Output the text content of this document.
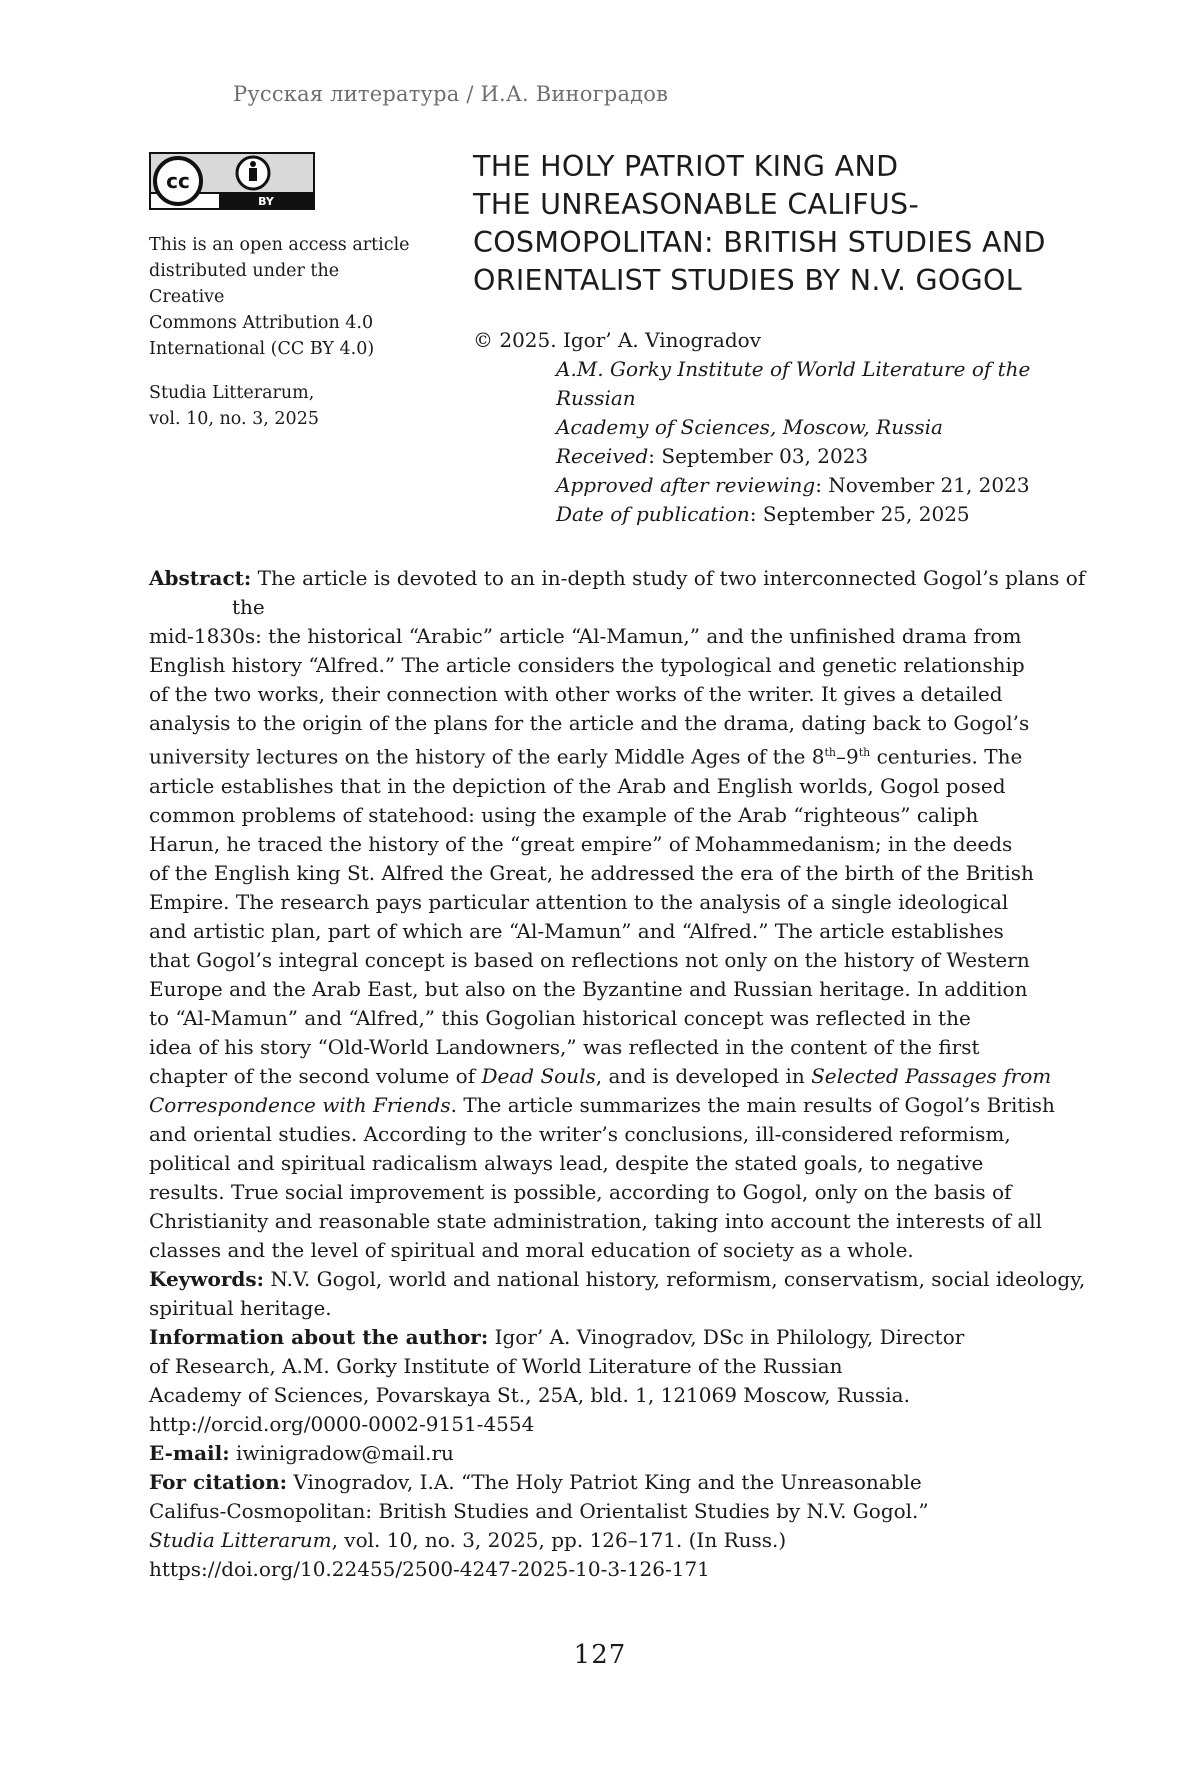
Русская литература / И.А. Виноградов
cc
BY

This is an open access article
distributed under the Creative
Commons Attribution 4.0
International (CC BY 4.0)

Studia Litterarum,
vol. 10, no. 3, 2025

THE HOLY PATRIOT KING AND
THE UNREASONABLE CALIFUS-
COSMOPOLITAN: BRITISH STUDIES AND
ORIENTALIST STUDIES BY N.V. GOGOL
© 2025. Igor’ A. Vinogradov
A.M. Gorky Institute of World Literature of the Russian
Academy of Sciences, Moscow, Russia
Received: September 03, 2023
Approved after reviewing: November 21, 2023
Date of publication: September 25, 2025

Abstract: The article is devoted to an in-depth study of two interconnected Gogol’s plans of the
mid-1830s: the historical “Arabic” article “Al-Mamun,” and the unfinished drama from
English history “Alfred.” The article considers the typological and genetic relationship
of the two works, their connection with other works of the writer. It gives a detailed
analysis to the origin of the plans for the article and the drama, dating back to Gogol’s
university lectures on the history of the early Middle Ages of the 8th–9th centuries. The
article establishes that in the depiction of the Arab and English worlds, Gogol posed
common problems of statehood: using the example of the Arab “righteous” caliph
Harun, he traced the history of the “great empire” of Mohammedanism; in the deeds
of the English king St. Alfred the Great, he addressed the era of the birth of the British
Empire. The research pays particular attention to the analysis of a single ideological
and artistic plan, part of which are “Al-Mamun” and “Alfred.” The article establishes
that Gogol’s integral concept is based on reflections not only on the history of Western
Europe and the Arab East, but also on the Byzantine and Russian heritage. In addition
to “Al-Mamun” and “Alfred,” this Gogolian historical concept was reflected in the
idea of his story “Old-World Landowners,” was reflected in the content of the first
chapter of the second volume of Dead Souls, and is developed in Selected Passages from
Correspondence with Friends. The article summarizes the main results of Gogol’s British
and oriental studies. According to the writer’s conclusions, ill-considered reformism,
political and spiritual radicalism always lead, despite the stated goals, to negative
results. True social improvement is possible, according to Gogol, only on the basis of
Christianity and reasonable state administration, taking into account the interests of all
classes and the level of spiritual and moral education of society as a whole.

Keywords: N.V. Gogol, world and national history, reformism, conservatism, social ideology,
spiritual heritage.

Information about the author: Igor’ A. Vinogradov, DSc in Philology, Director
of Research, A.M. Gorky Institute of World Literature of the Russian
Academy of Sciences, Povarskaya St., 25A, bld. 1, 121069 Moscow, Russia.
http://orcid.org/0000-0002-9151-4554

E-mail: iwinigradow@mail.ru

For citation: Vinogradov, I.A. “The Holy Patriot King and the Unreasonable
Califus-Cosmopolitan: British Studies and Orientalist Studies by N.V. Gogol.”
Studia Litterarum, vol. 10, no. 3, 2025, pp. 126–171. (In Russ.)
https://doi.org/10.22455/2500-4247-2025-10-3-126-171

127
